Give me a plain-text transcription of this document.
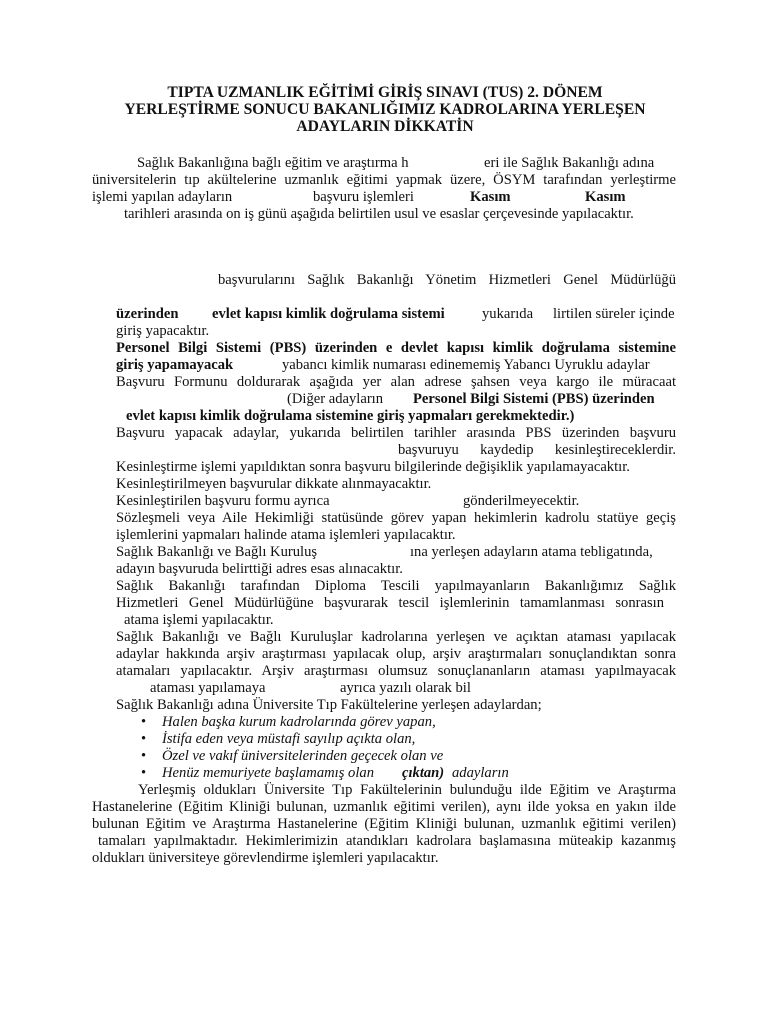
TIPTA UZMANLIK EĞİTİMİ GİRİŞ SINAVI (TUS) 2. DÖNEM
YERLEŞTİRME SONUCU BAKANLIĞIMIZ KADROLARINA YERLEŞEN
ADAYLARIN DİKKATİN
Sağlık Bakanlığına bağlı eğitim ve araştırma h	eri ile Sağlık Bakanlığı adına
üniversitelerin tıp akültelerine uzmanlık eğitimi yapmak üzere, ÖSYM tarafından yerleştirme
işlemi yapılan adayların	başvuru işlemleri	Kasım	Kasım
tarihleri arasında on iş günü aşağıda belirtilen usul ve esaslar çerçevesinde yapılacaktır.
başvurularını Sağlık Bakanlığı Yönetim Hizmetleri Genel Müdürlüğü
üzerinden evlet kapısı kimlik doğrulama sistemi	yukarıda lirtilen süreler içinde
giriş yapacaktır.
Personel Bilgi Sistemi (PBS) üzerinden e devlet kapısı kimlik doğrulama sistemine
giriş yapamayacak	yabancı kimlik numarası edinememiş Yabancı Uyruklu adaylar
Başvuru Formunu doldurarak aşağıda yer alan adrese şahsen veya kargo ile müracaat
(Diğer adayların Personel Bilgi Sistemi (PBS) üzerinden
evlet kapısı kimlik doğrulama sistemine giriş yapmaları gerekmektedir.)
Başvuru yapacak adaylar, yukarıda belirtilen tarihler arasında PBS üzerinden başvuru
başvuruyu kaydedip kesinleştireceklerdir.
Kesinleştirme işlemi yapıldıktan sonra başvuru bilgilerinde değişiklik yapılamayacaktır.
Kesinleştirilmeyen başvurular dikkate alınmayacaktır.
Kesinleştirilen başvuru formu ayrıca	gönderilmeyecektir.
Sözleşmeli veya Aile Hekimliği statüsünde görev yapan hekimlerin kadrolu statüye geçiş
işlemlerini yapmaları halinde atama işlemleri yapılacaktır.
Sağlık Bakanlığı ve Bağlı Kuruluş	ına yerleşen adayların atama tebligatında,
adayın başvuruda belirttiği adres esas alınacaktır.
Sağlık Bakanlığı tarafından Diploma Tescili yapılmayanların Bakanlığımız Sağlık
Hizmetleri Genel Müdürlüğüne başvurarak tescil işlemlerinin tamamlanması sonrasın
atama işlemi yapılacaktır.
Sağlık Bakanlığı ve Bağlı Kuruluşlar kadrolarına yerleşen ve açıktan ataması yapılacak
adaylar hakkında arşiv araştırması yapılacak olup, arşiv araştırmaları sonuçlandıktan sonra
atamaları yapılacaktır. Arşiv araştırması olumsuz sonuçlananların ataması yapılmayacak
ataması yapılamaya	ayrıca yazılı olarak bil
Sağlık Bakanlığı adına Üniversite Tıp Fakültelerine yerleşen adaylardan;
• Halen başka kurum kadrolarında görev yapan,
• İstifa eden veya müstafi sayılıp açıkta olan,
• Özel ve vakıf üniversitelerinden geçecek olan ve
• Henüz memuriyete başlamamış olan çıktan) adayların
Yerleşmiş oldukları Üniversite Tıp Fakültelerinin bulunduğu ilde Eğitim ve Araştırma
Hastanelerine (Eğitim Kliniği bulunan, uzmanlık eğitimi verilen), aynı ilde yoksa en yakın ilde
bulunan Eğitim ve Araştırma Hastanelerine (Eğitim Kliniği bulunan, uzmanlık eğitimi verilen)
tamaları yapılmaktadır. Hekimlerimizin atandıkları kadrolara başlamasına müteakip kazanmış
oldukları üniversiteye görevlendirme işlemleri yapılacaktır.
